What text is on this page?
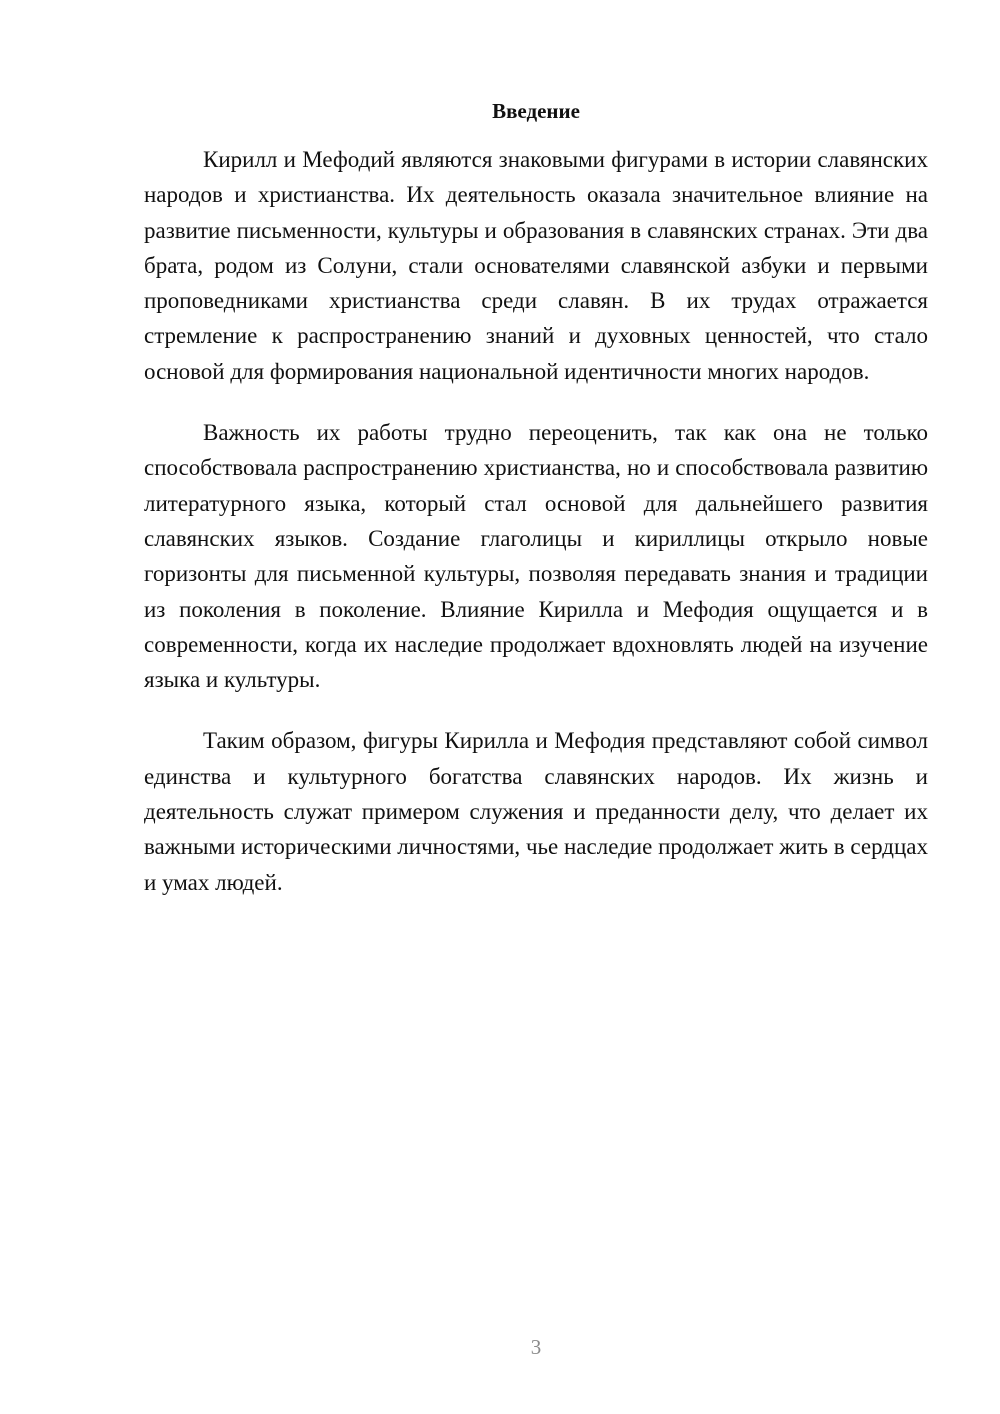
Введение

Кирилл и Мефодий являются знаковыми фигурами в истории славянских народов и христианства. Их деятельность оказала значительное влияние на развитие письменности, культуры и образования в славянских странах. Эти два брата, родом из Солуни, стали основателями славянской азбуки и первыми проповедниками христианства среди славян. В их трудах отражается стремление к распространению знаний и духовных ценностей, что стало основой для формирования национальной идентичности многих народов.

Важность их работы трудно переоценить, так как она не только способствовала распространению христианства, но и способствовала развитию литературного языка, который стал основой для дальнейшего развития славянских языков. Создание глаголицы и кириллицы открыло новые горизонты для письменной культуры, позволяя передавать знания и традиции из поколения в поколение. Влияние Кирилла и Мефодия ощущается и в современности, когда их наследие продолжает вдохновлять людей на изучение языка и культуры.

Таким образом, фигуры Кирилла и Мефодия представляют собой символ единства и культурного богатства славянских народов. Их жизнь и деятельность служат примером служения и преданности делу, что делает их важными историческими личностями, чье наследие продолжает жить в сердцах и умах людей.

3
